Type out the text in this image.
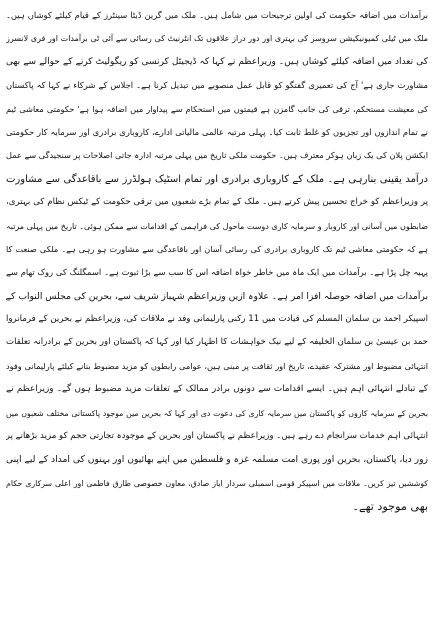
برآمدات میں اضافہ حکومت کی اولین ترجیحات میں شامل ہیں۔ ملک میں گرین ڈیٹا سینٹرز کے قیام کیلئے کوشاں ہیں۔
ملک میں ٹیلی کمیونیکیشن سروسز کی بہتری اور دور دراز علاقوں تک انٹرنیٹ کی رسائی سے آئی ٹی برآمدات اور فری لانسرز
کی تعداد میں اضافہ کیلئے کوشاں ہیں۔ وزیراعظم نے کہا کہ ڈیجیٹل کرنسی کو ریگولیٹ کرنے کے حوالے سے بھی
مشاورت جاری ہے' آج کی تعمیری گفتگو کو قابل عمل منصوبے میں تبدیل کرنا ہے۔ اجلاس کے شرکاء نے کہا کہ پاکستان
کی معیشت مستحکم، ترقی کی جانب گامزن ہے قیمتوں میں استحکام سے پیداوار میں اضافہ ہوا ہے' حکومتی معاشی ٹیم
نے تمام اندازوں اور تجزیوں کو غلط ثابت کیا۔ پہلی مرتبہ عالمی مالیاتی ادارے، کاروباری برادری اور سرمایہ کار حکومتی
ایکشن پلان کی یک زبان ہوکر معترف ہیں۔ حکومت ملکی تاریخ میں پہلی مرتبہ ادارہ جاتی اصلاحات پر سنجیدگی سے عمل
درآمد یقینی بنارہی ہے۔ ملک کے کاروباری برادری اور تمام اسٹیک ہولڈرز سے باقاعدگی سے مشاورت
پر وزیراعظم کو خراج تحسین پیش کرتے ہیں۔ ملک کے تمام بڑے شعبوں میں ترقی حکومت کے ٹیکس نظام کی بہتری،
ضابطوں میں آسانی اور کاروبار و سرمایہ کاری دوست ماحول کی فراہمی کے اقدامات سے ممکن ہوئی۔ تاریخ میں پہلی مرتبہ
ہے کہ حکومتی معاشی ٹیم تک کاروباری برادری کی رسائی آسان اور باقاعدگی سے مشاورت ہو رہی ہے۔ ملکی صنعت کا
پہیہ چل پڑا ہے۔ برآمدات میں ایک ماہ میں خاطر خواہ اضافہ اس کا سب سے بڑا ثبوت ہے۔ اسمگلنگ کی روک تھام سے
برآمدات میں اضافہ حوصلہ افزا امر ہے۔ علاوہ ازیں وزیراعظم شہباز شریف سے، بحرین کی مجلس النواب کے
اسپیکر احمد بن سلمان المسلم کی قیادت میں 11 رکنی پارلیمانی وفد نے ملاقات کی، وزیراعظم نے بحرین کے فرمانروا
حمد بن عیسیٰ بن سلمان الخلیفہ کے لیے نیک خواہشات کا اظہار کیا اور کہا کہ پاکستان اور بحرین کے برادرانہ تعلقات
انتہائی مضبوط اور مشترکہ عقیدے، تاریخ اور ثقافت پر مبنی ہیں، عوامی رابطوں کو مزید مضبوط بنانے کیلئے پارلیمانی وفود
کے تبادلے انتہائی اہم ہیں۔ ایسے اقدامات سے دونوں برادر ممالک کے تعلقات مزید مضبوط ہوں گے۔ وزیراعظم نے
بحرین کے سرمایہ کاروں کو پاکستان میں سرمایہ کاری کی دعوت دی اور کہا کہ بحرین میں موجود پاکستانی مختلف شعبوں میں
انتہائی اہم خدمات سرانجام دے رہے ہیں۔ وزیراعظم نے پاکستان اور بحرین کے موجودہ تجارتی حجم کو مزید بڑھانے پر
زور دیا، پاکستان، بحرین اور پوری امت مسلمہ غزہ و فلسطین میں اپنے بھائیوں اور بہنوں کی امداد کے لیے اپنی
کوششیں تیز کریں۔ ملاقات میں اسپیکر قومی اسمبلی سردار ایاز صادق، معاون خصوصی طارق فاطمی اور اعلی سرکاری حکام
بھی موجود تھے۔
